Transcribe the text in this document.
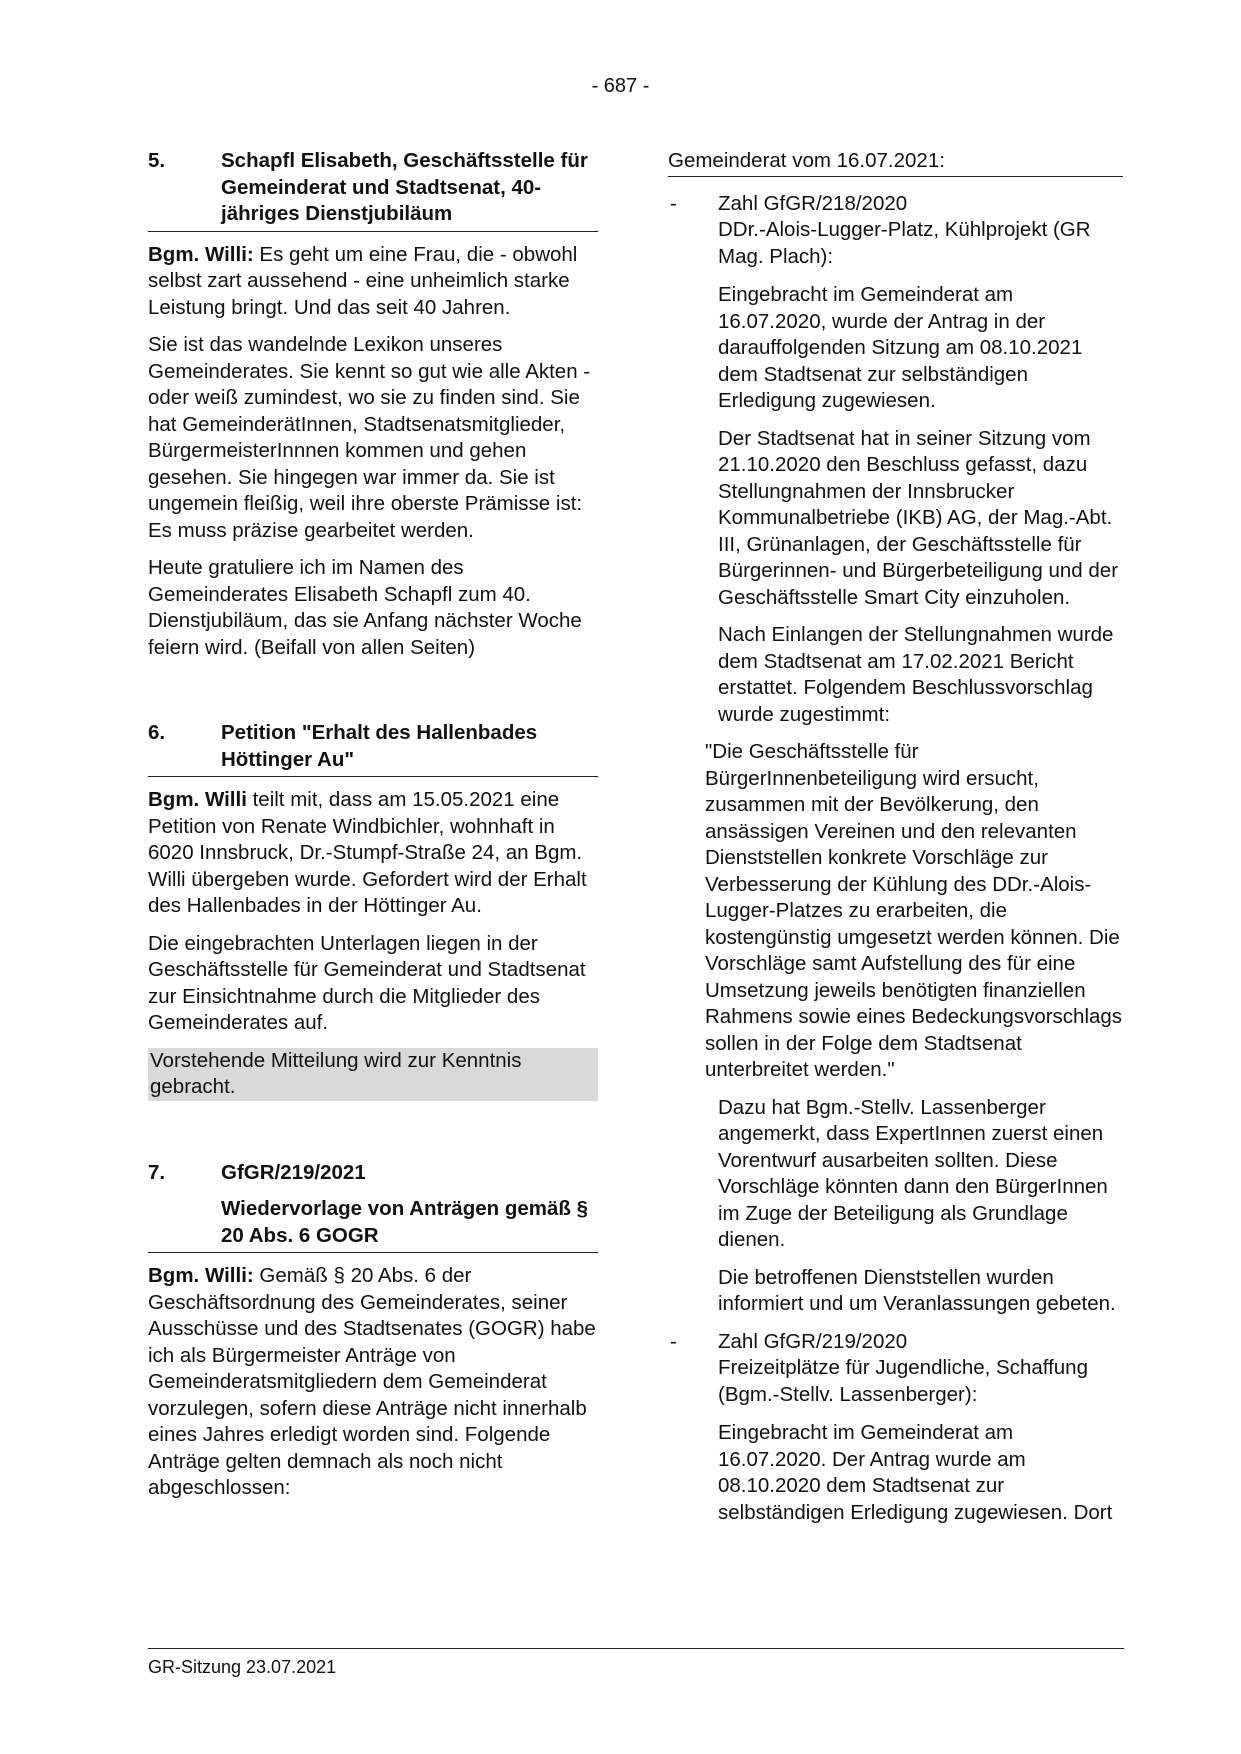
- 687 -
5.	Schapfl Elisabeth, Geschäftsstelle für Gemeinderat und Stadtsenat, 40-jähriges Dienstjubiläum

Bgm. Willi: Es geht um eine Frau, die - obwohl selbst zart aussehend - eine unheimlich starke Leistung bringt. Und das seit 40 Jahren.

Sie ist das wandelnde Lexikon unseres Gemeinderates. Sie kennt so gut wie alle Akten - oder weiß zumindest, wo sie zu finden sind. Sie hat GemeinderätInnen, Stadtsenatsmitglieder, BürgermeisterInnnen kommen und gehen gesehen. Sie hingegen war immer da. Sie ist ungemein fleißig, weil ihre oberste Prämisse ist: Es muss präzise gearbeitet werden.

Heute gratuliere ich im Namen des Gemeinderates Elisabeth Schapfl zum 40. Dienstjubiläum, das sie Anfang nächster Woche feiern wird. (Beifall von allen Seiten)

6.	Petition "Erhalt des Hallenbades Höttinger Au"

Bgm. Willi teilt mit, dass am 15.05.2021 eine Petition von Renate Windbichler, wohnhaft in 6020 Innsbruck, Dr.-Stumpf-Straße 24, an Bgm. Willi übergeben wurde. Gefordert wird der Erhalt des Hallenbades in der Höttinger Au.

Die eingebrachten Unterlagen liegen in der Geschäftsstelle für Gemeinderat und Stadtsenat zur Einsichtnahme durch die Mitglieder des Gemeinderates auf.

Vorstehende Mitteilung wird zur Kenntnis gebracht.
7.	GfGR/219/2021
Wiedervorlage von Anträgen gemäß § 20 Abs. 6 GOGR

Bgm. Willi: Gemäß § 20 Abs. 6 der Geschäftsordnung des Gemeinderates, seiner Ausschüsse und des Stadtsenates (GOGR) habe ich als Bürgermeister Anträge von Gemeinderatsmitgliedern dem Gemeinderat vorzulegen, sofern diese Anträge nicht innerhalb eines Jahres erledigt worden sind. Folgende Anträge gelten demnach als noch nicht abgeschlossen:

Gemeinderat vom 16.07.2021:
-	Zahl GfGR/218/2020
DDr.-Alois-Lugger-Platz, Kühlprojekt (GR Mag. Plach):

Eingebracht im Gemeinderat am 16.07.2020, wurde der Antrag in der darauffolgenden Sitzung am 08.10.2021 dem Stadtsenat zur selbständigen Erledigung zugewiesen.

Der Stadtsenat hat in seiner Sitzung vom 21.10.2020 den Beschluss gefasst, dazu Stellungnahmen der Innsbrucker Kommunalbetriebe (IKB) AG, der Mag.-Abt. III, Grünanlagen, der Geschäftsstelle für Bürgerinnen- und Bürgerbeteiligung und der Geschäftsstelle Smart City einzuholen.

Nach Einlangen der Stellungnahmen wurde dem Stadtsenat am 17.02.2021 Bericht erstattet. Folgendem Beschlussvorschlag wurde zugestimmt:

"Die Geschäftsstelle für BürgerInnenbeteiligung wird ersucht, zusammen mit der Bevölkerung, den ansässigen Vereinen und den relevanten Dienststellen konkrete Vorschläge zur Verbesserung der Kühlung des DDr.-Alois-Lugger-Platzes zu erarbeiten, die kostengünstig umgesetzt werden können. Die Vorschläge samt Aufstellung des für eine Umsetzung jeweils benötigten finanziellen Rahmens sowie eines Bedeckungsvorschlags sollen in der Folge dem Stadtsenat unterbreitet werden."

Dazu hat Bgm.-Stellv. Lassenberger angemerkt, dass ExpertInnen zuerst einen Vorentwurf ausarbeiten sollten. Diese Vorschläge könnten dann den BürgerInnen im Zuge der Beteiligung als Grundlage dienen.

Die betroffenen Dienststellen wurden informiert und um Veranlassungen gebeten.

-	Zahl GfGR/219/2020
Freizeitplätze für Jugendliche, Schaffung (Bgm.-Stellv. Lassenberger):

Eingebracht im Gemeinderat am 16.07.2020. Der Antrag wurde am 08.10.2020 dem Stadtsenat zur selbständigen Erledigung zugewiesen. Dort

GR-Sitzung 23.07.2021
